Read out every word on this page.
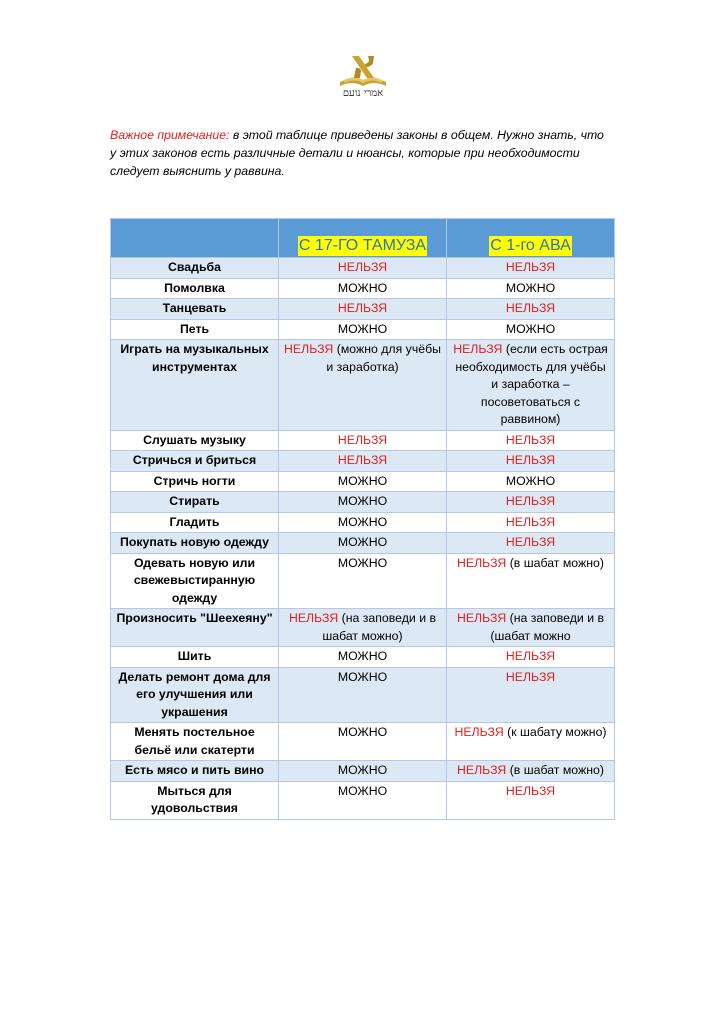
אמרי נועם
Важное примечание: в этой таблице приведены законы в общем. Нужно знать, что у этих законов есть различные детали и нюансы, которые при необходимости следует выяснить у раввина.
	С 17-ГО ТАМУЗА	С 1-го АВА
Свадьба	НЕЛЬЗЯ	НЕЛЬЗЯ
Помолвка	МОЖНО	МОЖНО
Танцевать	НЕЛЬЗЯ	НЕЛЬЗЯ
Петь	МОЖНО	МОЖНО
Играть на музыкальных инструментах	НЕЛЬЗЯ (можно для учёбы и заработка)	НЕЛЬЗЯ (если есть острая необходимость для учёбы и заработка – посоветоваться с раввином)
Слушать музыку	НЕЛЬЗЯ	НЕЛЬЗЯ
Стричься и бриться	НЕЛЬЗЯ	НЕЛЬЗЯ
Стричь ногти	МОЖНО	МОЖНО
Стирать	МОЖНО	НЕЛЬЗЯ
Гладить	МОЖНО	НЕЛЬЗЯ
Покупать новую одежду	МОЖНО	НЕЛЬЗЯ
Одевать новую или свежевыстиранную одежду	МОЖНО	НЕЛЬЗЯ (в шабат можно)
Произносить "Шеехеяну"	НЕЛЬЗЯ (на заповеди и в шабат можно)	НЕЛЬЗЯ (на заповеди и в (шабат можно
Шить	МОЖНО	НЕЛЬЗЯ
Делать ремонт дома для его улучшения или украшения	МОЖНО	НЕЛЬЗЯ
Менять постельное бельё или скатерти	МОЖНО	НЕЛЬЗЯ (к шабату можно)
Есть мясо и пить вино	МОЖНО	НЕЛЬЗЯ (в шабат можно)
Мыться для удовольствия	МОЖНО	НЕЛЬЗЯ
